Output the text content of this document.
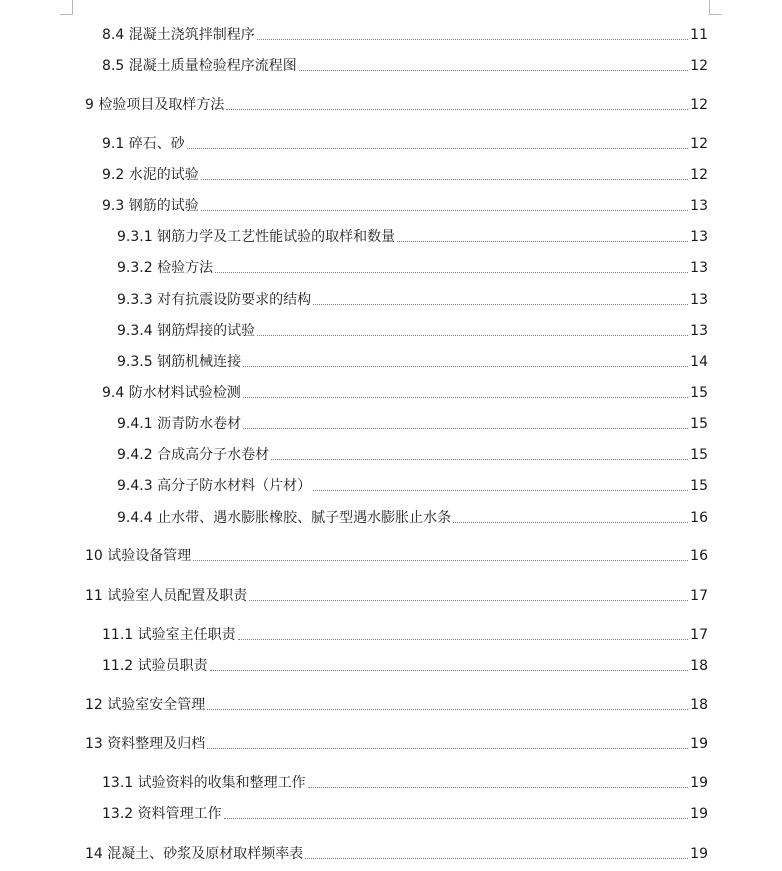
8.4 混凝土浇筑拌制程序	11
8.5 混凝土质量检验程序流程图	12
9 检验项目及取样方法	12
9.1 碎石、砂	12
9.2 水泥的试验	12
9.3 钢筋的试验	13
9.3.1 钢筋力学及工艺性能试验的取样和数量	13
9.3.2 检验方法	13
9.3.3 对有抗震设防要求的结构	13
9.3.4 钢筋焊接的试验	13
9.3.5 钢筋机械连接	14
9.4 防水材料试验检测	15
9.4.1 沥青防水卷材	15
9.4.2 合成高分子水卷材	15
9.4.3 高分子防水材料（片材）	15
9.4.4 止水带、遇水膨胀橡胶、腻子型遇水膨胀止水条	16
10 试验设备管理	16
11 试验室人员配置及职责	17
11.1 试验室主任职责	17
11.2 试验员职责	18
12 试验室安全管理	18
13 资料整理及归档	19
13.1 试验资料的收集和整理工作	19
13.2 资料管理工作	19
14 混凝土、砂浆及原材取样频率表	19
